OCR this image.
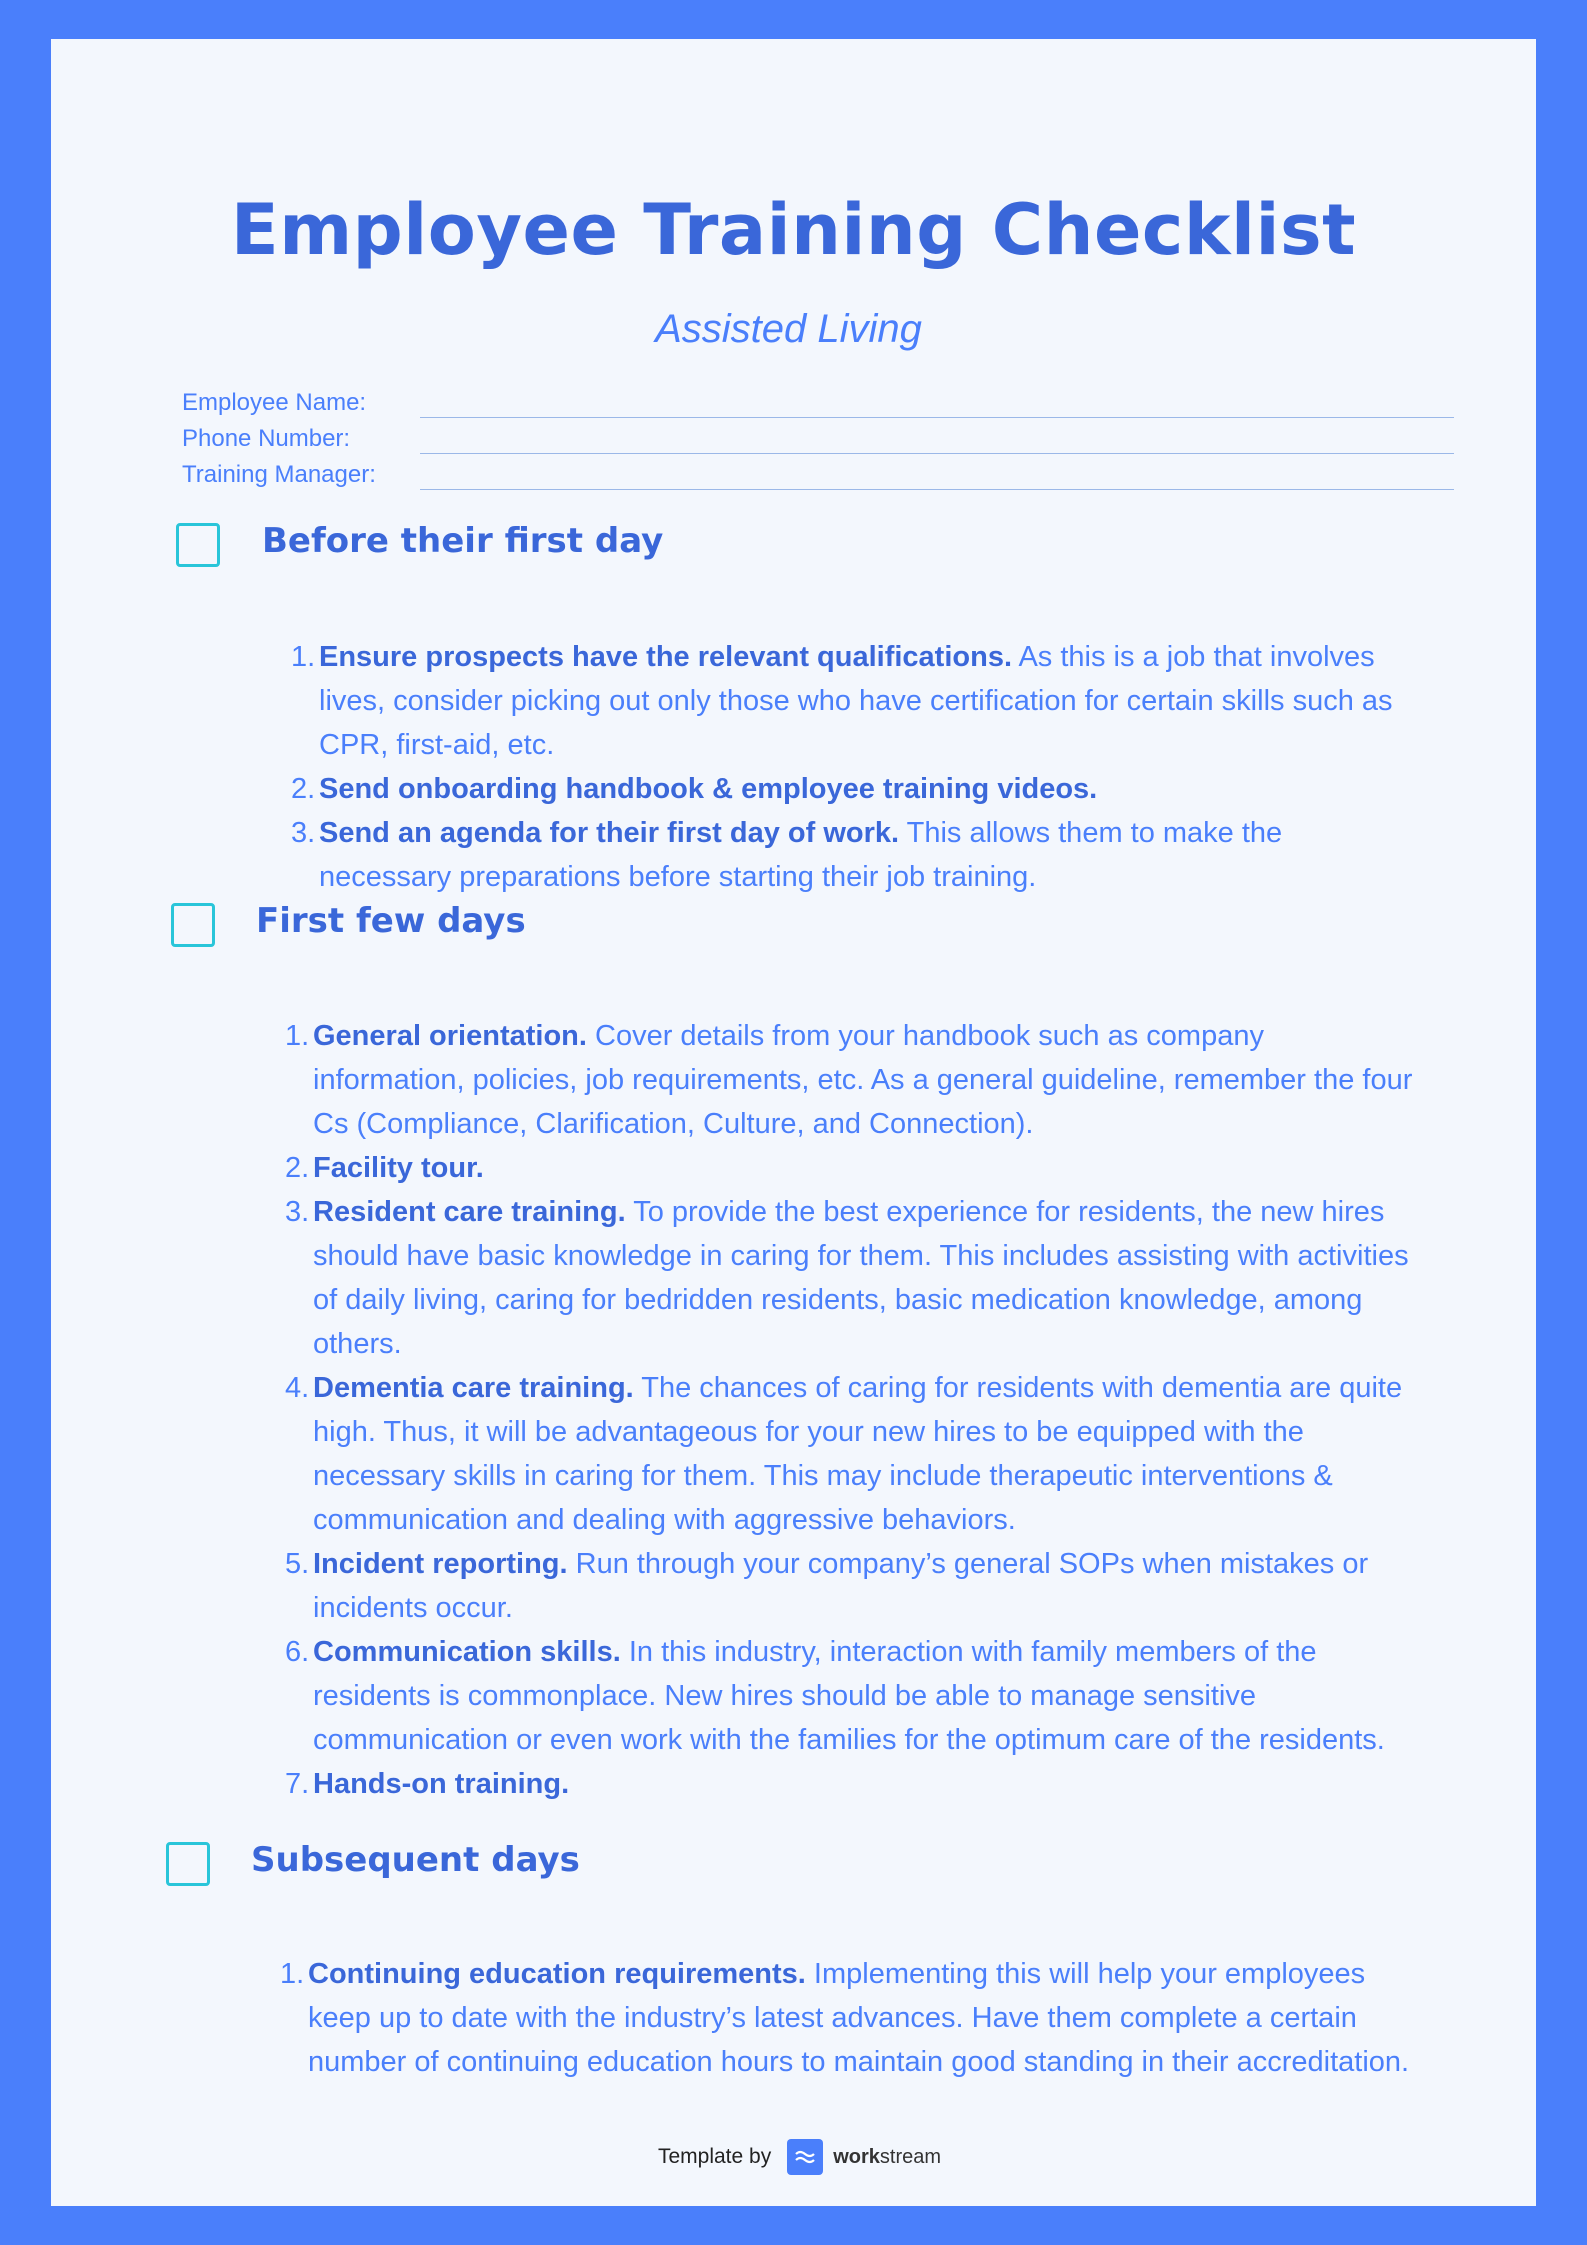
Employee Training Checklist
Assisted Living
Employee Name:
Phone Number:
Training Manager:
Before their first day
1. Ensure prospects have the relevant qualifications. As this is a job that involves lives, consider picking out only those who have certification for certain skills such as CPR, first-aid, etc.
2. Send onboarding handbook & employee training videos.
3. Send an agenda for their first day of work. This allows them to make the necessary preparations before starting their job training.
First few days
1. General orientation. Cover details from your handbook such as company information, policies, job requirements, etc. As a general guideline, remember the four Cs (Compliance, Clarification, Culture, and Connection).
2. Facility tour.
3. Resident care training. To provide the best experience for residents, the new hires should have basic knowledge in caring for them. This includes assisting with activities of daily living, caring for bedridden residents, basic medication knowledge, among others.
4. Dementia care training. The chances of caring for residents with dementia are quite high. Thus, it will be advantageous for your new hires to be equipped with the necessary skills in caring for them. This may include therapeutic interventions & communication and dealing with aggressive behaviors.
5. Incident reporting. Run through your company’s general SOPs when mistakes or incidents occur.
6. Communication skills. In this industry, interaction with family members of the residents is commonplace. New hires should be able to manage sensitive communication or even work with the families for the optimum care of the residents.
7. Hands-on training.
Subsequent days
1. Continuing education requirements. Implementing this will help your employees keep up to date with the industry’s latest advances. Have them complete a certain number of continuing education hours to maintain good standing in their accreditation.
Template by	workstream
